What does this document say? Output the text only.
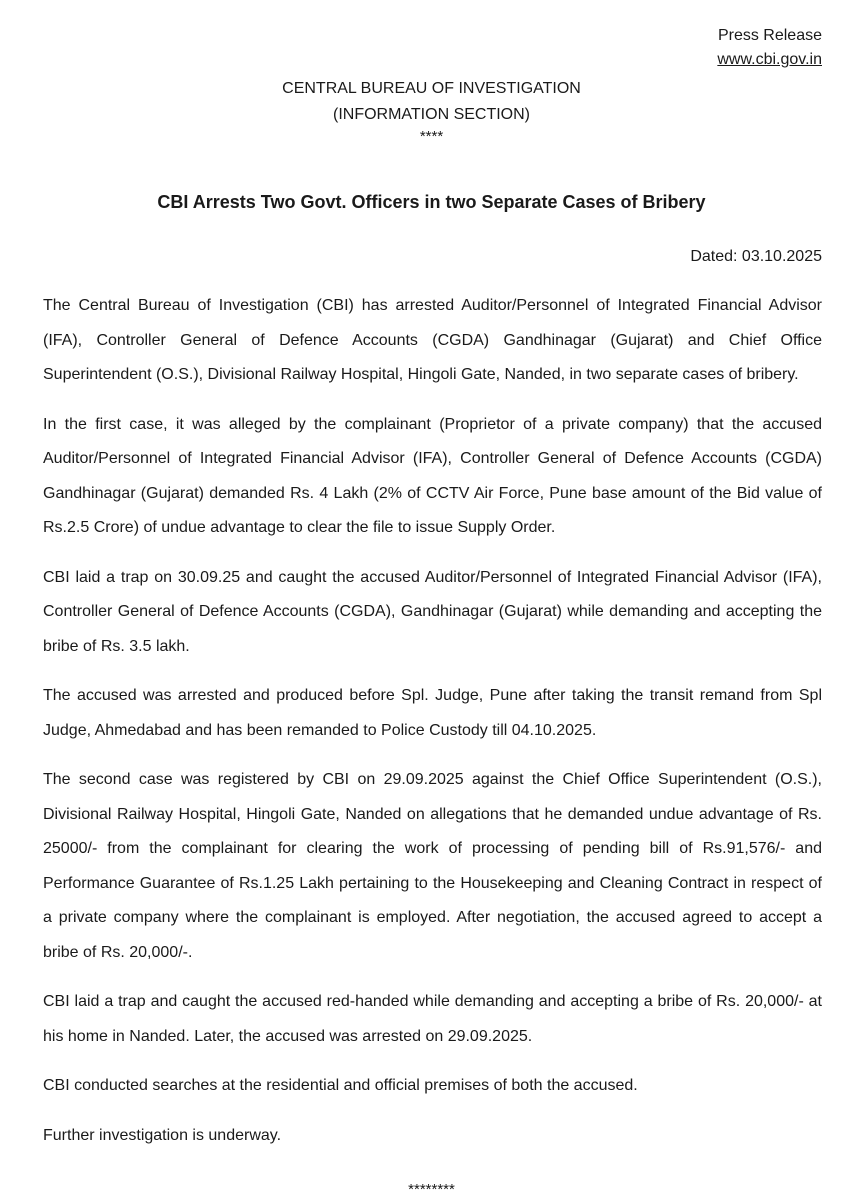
Press Release
www.cbi.gov.in
CENTRAL BUREAU OF INVESTIGATION
(INFORMATION SECTION)
****
CBI Arrests Two Govt. Officers in two Separate Cases of Bribery
Dated: 03.10.2025

The Central Bureau of Investigation (CBI) has arrested Auditor/Personnel of Integrated Financial Advisor (IFA), Controller General of Defence Accounts (CGDA) Gandhinagar (Gujarat) and Chief Office Superintendent (O.S.), Divisional Railway Hospital, Hingoli Gate, Nanded, in two separate cases of bribery.

In the first case, it was alleged by the complainant (Proprietor of a private company) that the accused Auditor/Personnel of Integrated Financial Advisor (IFA), Controller General of Defence Accounts (CGDA) Gandhinagar (Gujarat) demanded Rs. 4 Lakh (2% of CCTV Air Force, Pune base amount of the Bid value of Rs.2.5 Crore) of undue advantage to clear the file to issue Supply Order.

CBI laid a trap on 30.09.25 and caught the accused Auditor/Personnel of Integrated Financial Advisor (IFA), Controller General of Defence Accounts (CGDA), Gandhinagar (Gujarat) while demanding and accepting the bribe of Rs. 3.5 lakh.

The accused was arrested and produced before Spl. Judge, Pune after taking the transit remand from Spl Judge, Ahmedabad and has been remanded to Police Custody till 04.10.2025.

The second case was registered by CBI on 29.09.2025 against the Chief Office Superintendent (O.S.), Divisional Railway Hospital, Hingoli Gate, Nanded on allegations that he demanded undue advantage of Rs. 25000/- from the complainant for clearing the work of processing of pending bill of Rs.91,576/- and Performance Guarantee of Rs.1.25 Lakh pertaining to the Housekeeping and Cleaning Contract in respect of a private company where the complainant is employed. After negotiation, the accused agreed to accept a bribe of Rs. 20,000/-.

CBI laid a trap and caught the accused red-handed while demanding and accepting a bribe of Rs. 20,000/- at his home in Nanded. Later, the accused was arrested on 29.09.2025.

CBI conducted searches at the residential and official premises of both the accused.

Further investigation is underway.

********
